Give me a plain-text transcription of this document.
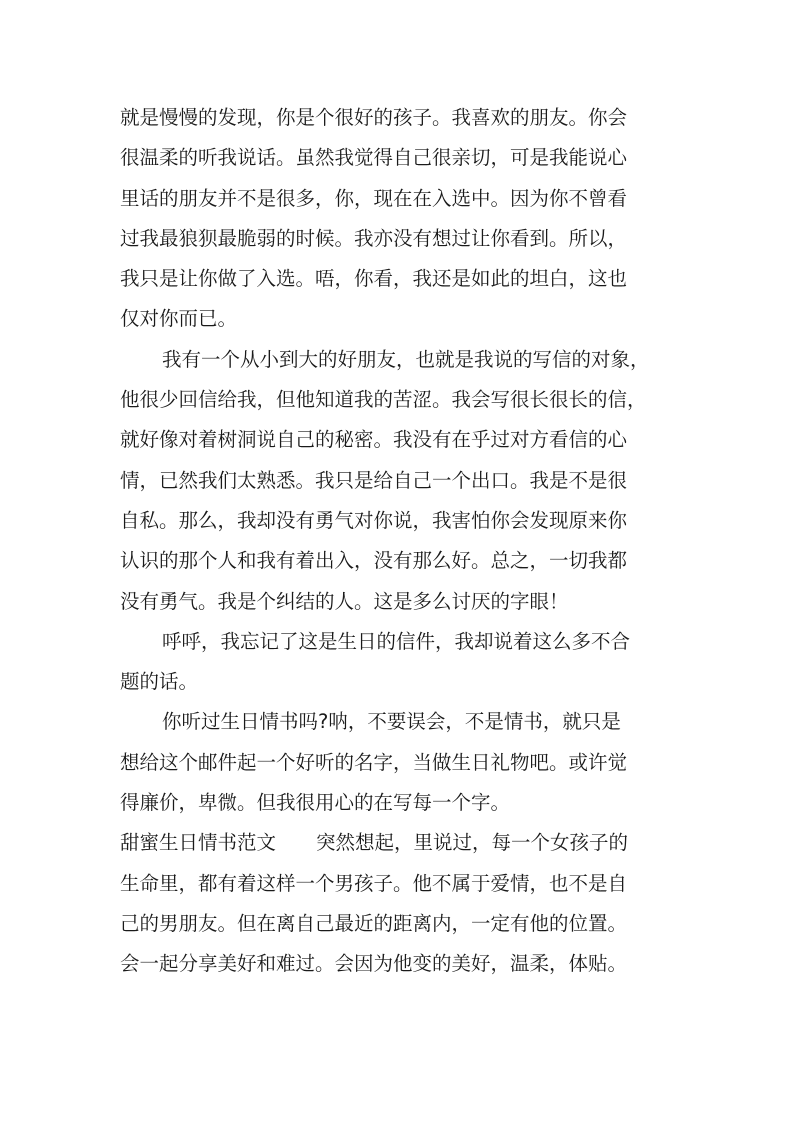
就是慢慢的发现，你是个很好的孩子。我喜欢的朋友。你会
很温柔的听我说话。虽然我觉得自己很亲切，可是我能说心
里话的朋友并不是很多，你，现在在入选中。因为你不曾看
过我最狼狈最脆弱的时候。我亦没有想过让你看到。所以，
我只是让你做了入选。唔，你看，我还是如此的坦白，这也
仅对你而已。
我有一个从小到大的好朋友，也就是我说的写信的对象，
他很少回信给我，但他知道我的苦涩。我会写很长很长的信，
就好像对着树洞说自己的秘密。我没有在乎过对方看信的心
情，已然我们太熟悉。我只是给自己一个出口。我是不是很
自私。那么，我却没有勇气对你说，我害怕你会发现原来你
认识的那个人和我有着出入，没有那么好。总之，一切我都
没有勇气。我是个纠结的人。这是多么讨厌的字眼！
呼呼，我忘记了这是生日的信件，我却说着这么多不合
题的话。
你听过生日情书吗?呐，不要误会，不是情书，就只是
想给这个邮件起一个好听的名字，当做生日礼物吧。或许觉
得廉价，卑微。但我很用心的在写每一个字。
甜蜜生日情书范文 突然想起，里说过，每一个女孩子的
生命里，都有着这样一个男孩子。他不属于爱情，也不是自
己的男朋友。但在离自己最近的距离内，一定有他的位置。
会一起分享美好和难过。会因为他变的美好，温柔，体贴。
